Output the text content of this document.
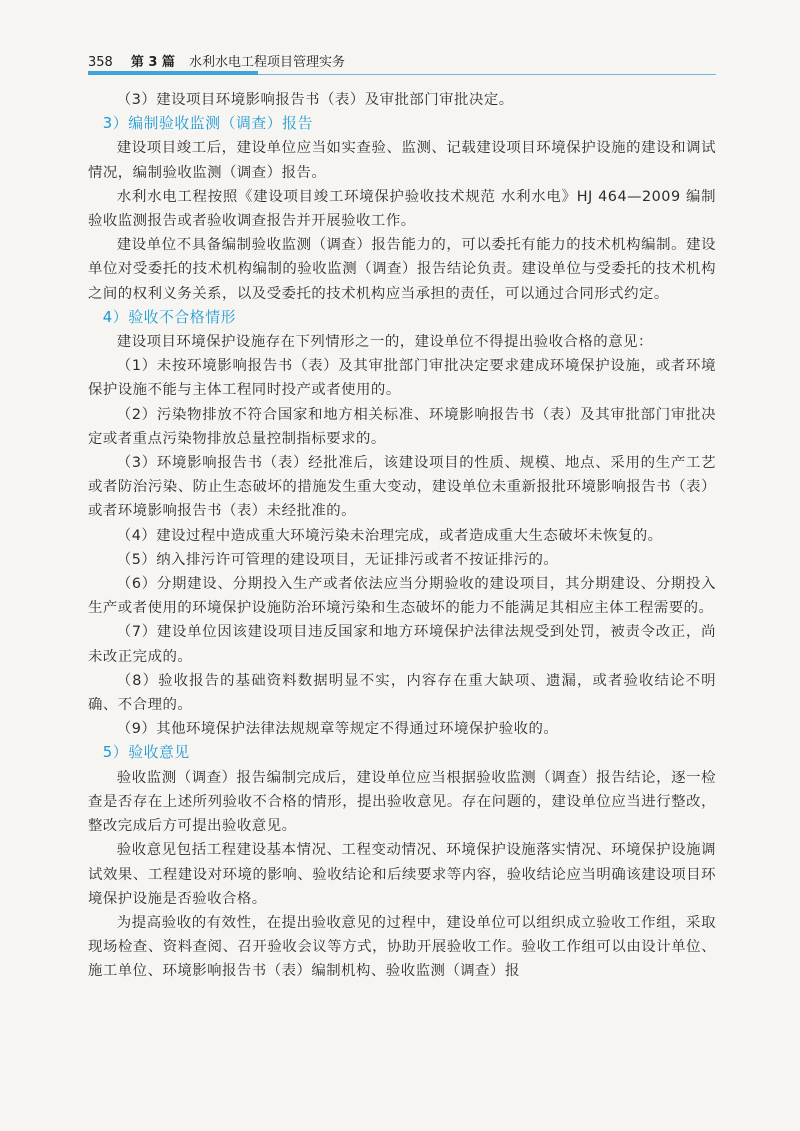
358 第 3 篇 水利水电工程项目管理实务

（3）建设项目环境影响报告书（表）及审批部门审批决定。

3）编制验收监测（调查）报告

建设项目竣工后，建设单位应当如实查验、监测、记载建设项目环境保护设施的建设和调试情况，编制验收监测（调查）报告。

水利水电工程按照《建设项目竣工环境保护验收技术规范 水利水电》HJ 464—2009 编制验收监测报告或者验收调查报告并开展验收工作。

建设单位不具备编制验收监测（调查）报告能力的，可以委托有能力的技术机构编制。建设单位对受委托的技术机构编制的验收监测（调查）报告结论负责。建设单位与受委托的技术机构之间的权利义务关系，以及受委托的技术机构应当承担的责任，可以通过合同形式约定。

4）验收不合格情形

建设项目环境保护设施存在下列情形之一的，建设单位不得提出验收合格的意见：

（1）未按环境影响报告书（表）及其审批部门审批决定要求建成环境保护设施，或者环境保护设施不能与主体工程同时投产或者使用的。

（2）污染物排放不符合国家和地方相关标准、环境影响报告书（表）及其审批部门审批决定或者重点污染物排放总量控制指标要求的。

（3）环境影响报告书（表）经批准后，该建设项目的性质、规模、地点、采用的生产工艺或者防治污染、防止生态破坏的措施发生重大变动，建设单位未重新报批环境影响报告书（表）或者环境影响报告书（表）未经批准的。

（4）建设过程中造成重大环境污染未治理完成，或者造成重大生态破坏未恢复的。

（5）纳入排污许可管理的建设项目，无证排污或者不按证排污的。

（6）分期建设、分期投入生产或者依法应当分期验收的建设项目，其分期建设、分期投入生产或者使用的环境保护设施防治环境污染和生态破坏的能力不能满足其相应主体工程需要的。

（7）建设单位因该建设项目违反国家和地方环境保护法律法规受到处罚，被责令改正，尚未改正完成的。

（8）验收报告的基础资料数据明显不实，内容存在重大缺项、遗漏，或者验收结论不明确、不合理的。

（9）其他环境保护法律法规规章等规定不得通过环境保护验收的。

5）验收意见

验收监测（调查）报告编制完成后，建设单位应当根据验收监测（调查）报告结论，逐一检查是否存在上述所列验收不合格的情形，提出验收意见。存在问题的，建设单位应当进行整改，整改完成后方可提出验收意见。

验收意见包括工程建设基本情况、工程变动情况、环境保护设施落实情况、环境保护设施调试效果、工程建设对环境的影响、验收结论和后续要求等内容，验收结论应当明确该建设项目环境保护设施是否验收合格。

为提高验收的有效性，在提出验收意见的过程中，建设单位可以组织成立验收工作组，采取现场检查、资料查阅、召开验收会议等方式，协助开展验收工作。验收工作组可以由设计单位、施工单位、环境影响报告书（表）编制机构、验收监测（调查）报
